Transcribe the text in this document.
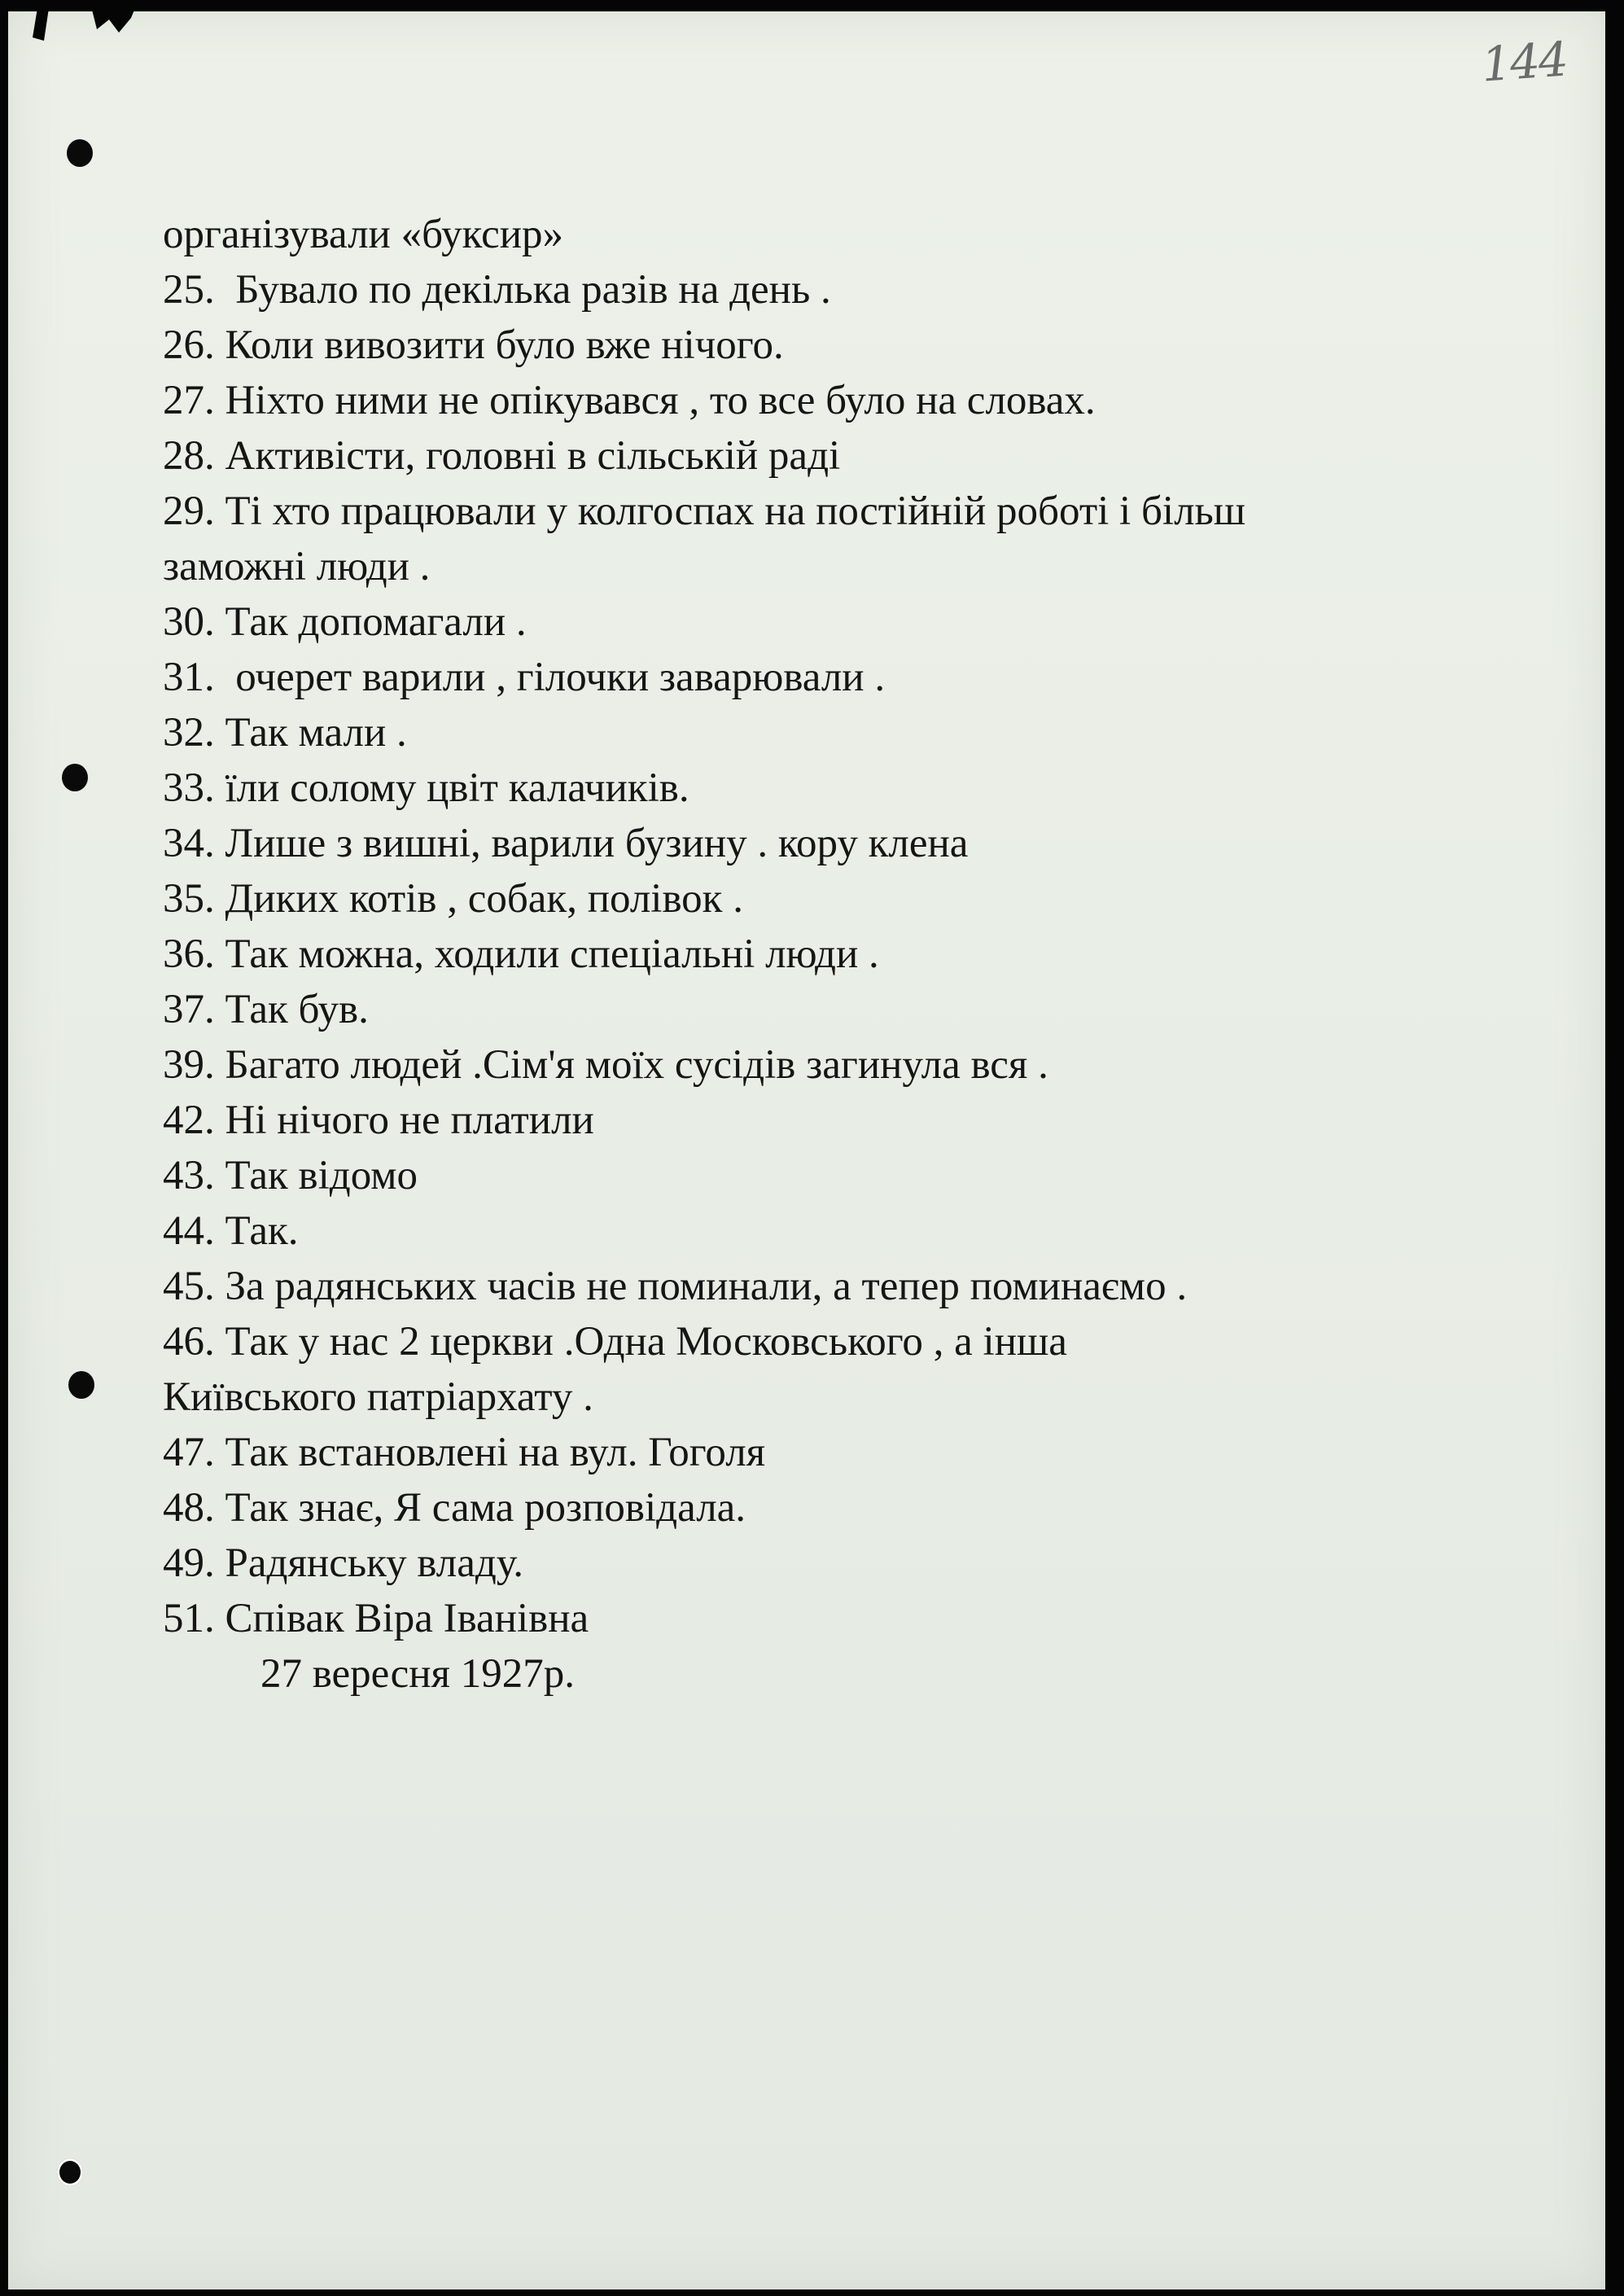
144
організували «буксир»
25.  Бувало по декілька разів на день .
26. Коли вивозити було вже нічого.
27. Ніхто ними не опікувався , то все було на словах.
28. Активісти, головні в сільській раді
29. Ті хто працювали у колгоспах на постійній роботі і більш
заможні люди .
30. Так допомагали .
31.  очерет варили , гілочки заварювали .
32. Так мали .
33. їли солому цвіт калачиків.
34. Лише з вишні, варили бузину . кору клена
35. Диких котів , собак, полівок .
36. Так можна, ходили спеціальні люди .
37. Так був.
39. Багато людей .Сім'я моїх сусідів загинула вся .
42. Ні нічого не платили
43. Так відомо
44. Так.
45. За радянських часів не поминали, а тепер поминаємо .
46. Так у нас 2 церкви .Одна Московського , а інша
Київського патріархату .
47. Так встановлені на вул. Гоголя
48. Так знає, Я сама розповідала.
49. Радянську владу.
51. Співак Віра Іванівна
27 вересня 1927р.
